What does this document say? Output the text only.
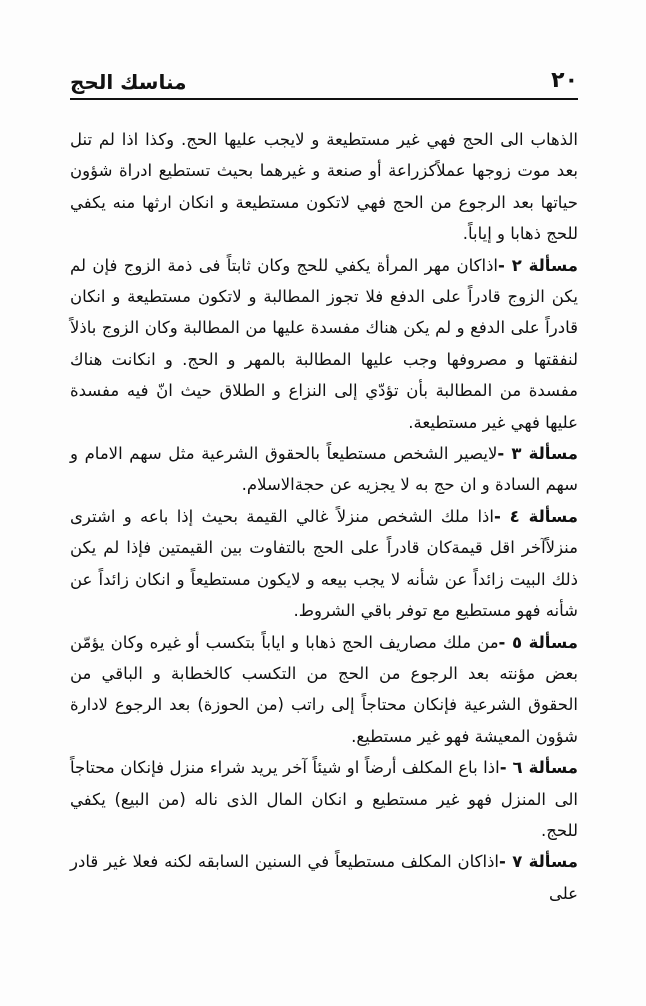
٢٠
مناسك الحج

الذهاب الى الحج فهي غير مستطيعة و لايجب عليها الحج. وكذا اذا لم تنل بعد موت زوجها عملاًكزراعة أو صنعة و غيرهما بحيث تستطيع ادراة شؤون حياتها بعد الرجوع من الحج فهي لاتكون مستطيعة و انكان ارثها منه يكفي للحج ذهابا و إياباً.

مسألة ٢ -اذاكان مهر المرأة يكفي للحج وكان ثابتاً فى ذمة الزوج فإن لم يكن الزوج قادراً على الدفع فلا تجوز المطالبة و لاتكون مستطيعة و انكان قادراً على الدفع و لم يكن هناك مفسدة عليها من المطالبة وكان الزوج باذلاً لنفقتها و مصروفها وجب عليها المطالبة بالمهر و الحج. و انكانت هناك مفسدة من المطالبة بأن تؤدّي إلى النزاع و الطلاق حيث انّ فيه مفسدة عليها فهي غير مستطيعة.

مسألة ٣ -لايصير الشخص مستطيعاً بالحقوق الشرعية مثل سهم الامام و سهم السادة و ان حج به لا يجزيه عن حجةالاسلام.

مسألة ٤ -اذا ملك الشخص منزلاً غالي القيمة بحيث إذا باعه و اشترى منزلاًآخر اقل قيمةكان قادراً على الحج بالتفاوت بين القيمتين فإذا لم يكن ذلك البيت زائداً عن شأنه لا يجب بيعه و لايكون مستطيعاً و انكان زائداً عن شأنه فهو مستطيع مع توفر باقي الشروط.

مسألة ٥ -من ملك مصاريف الحج ذهابا و اياباً بتكسب أو غيره وكان يؤمّن بعض مؤنته بعد الرجوع من الحج من التكسب كالخطابة و الباقي من الحقوق الشرعية فإنكان محتاجاً إلى راتب (من الحوزة) بعد الرجوع لادارة شؤون المعيشة فهو غير مستطيع.

مسألة ٦ -اذا باع المكلف أرضاً او شيئاً آخر يريد شراء منزل فإنكان محتاجاً الى المنزل فهو غير مستطيع و انكان المال الذى ناله (من البيع) يكفي للحج.

مسألة ٧ -اذاكان المكلف مستطيعاً في السنين السابقه لكنه فعلا غير قادر على
